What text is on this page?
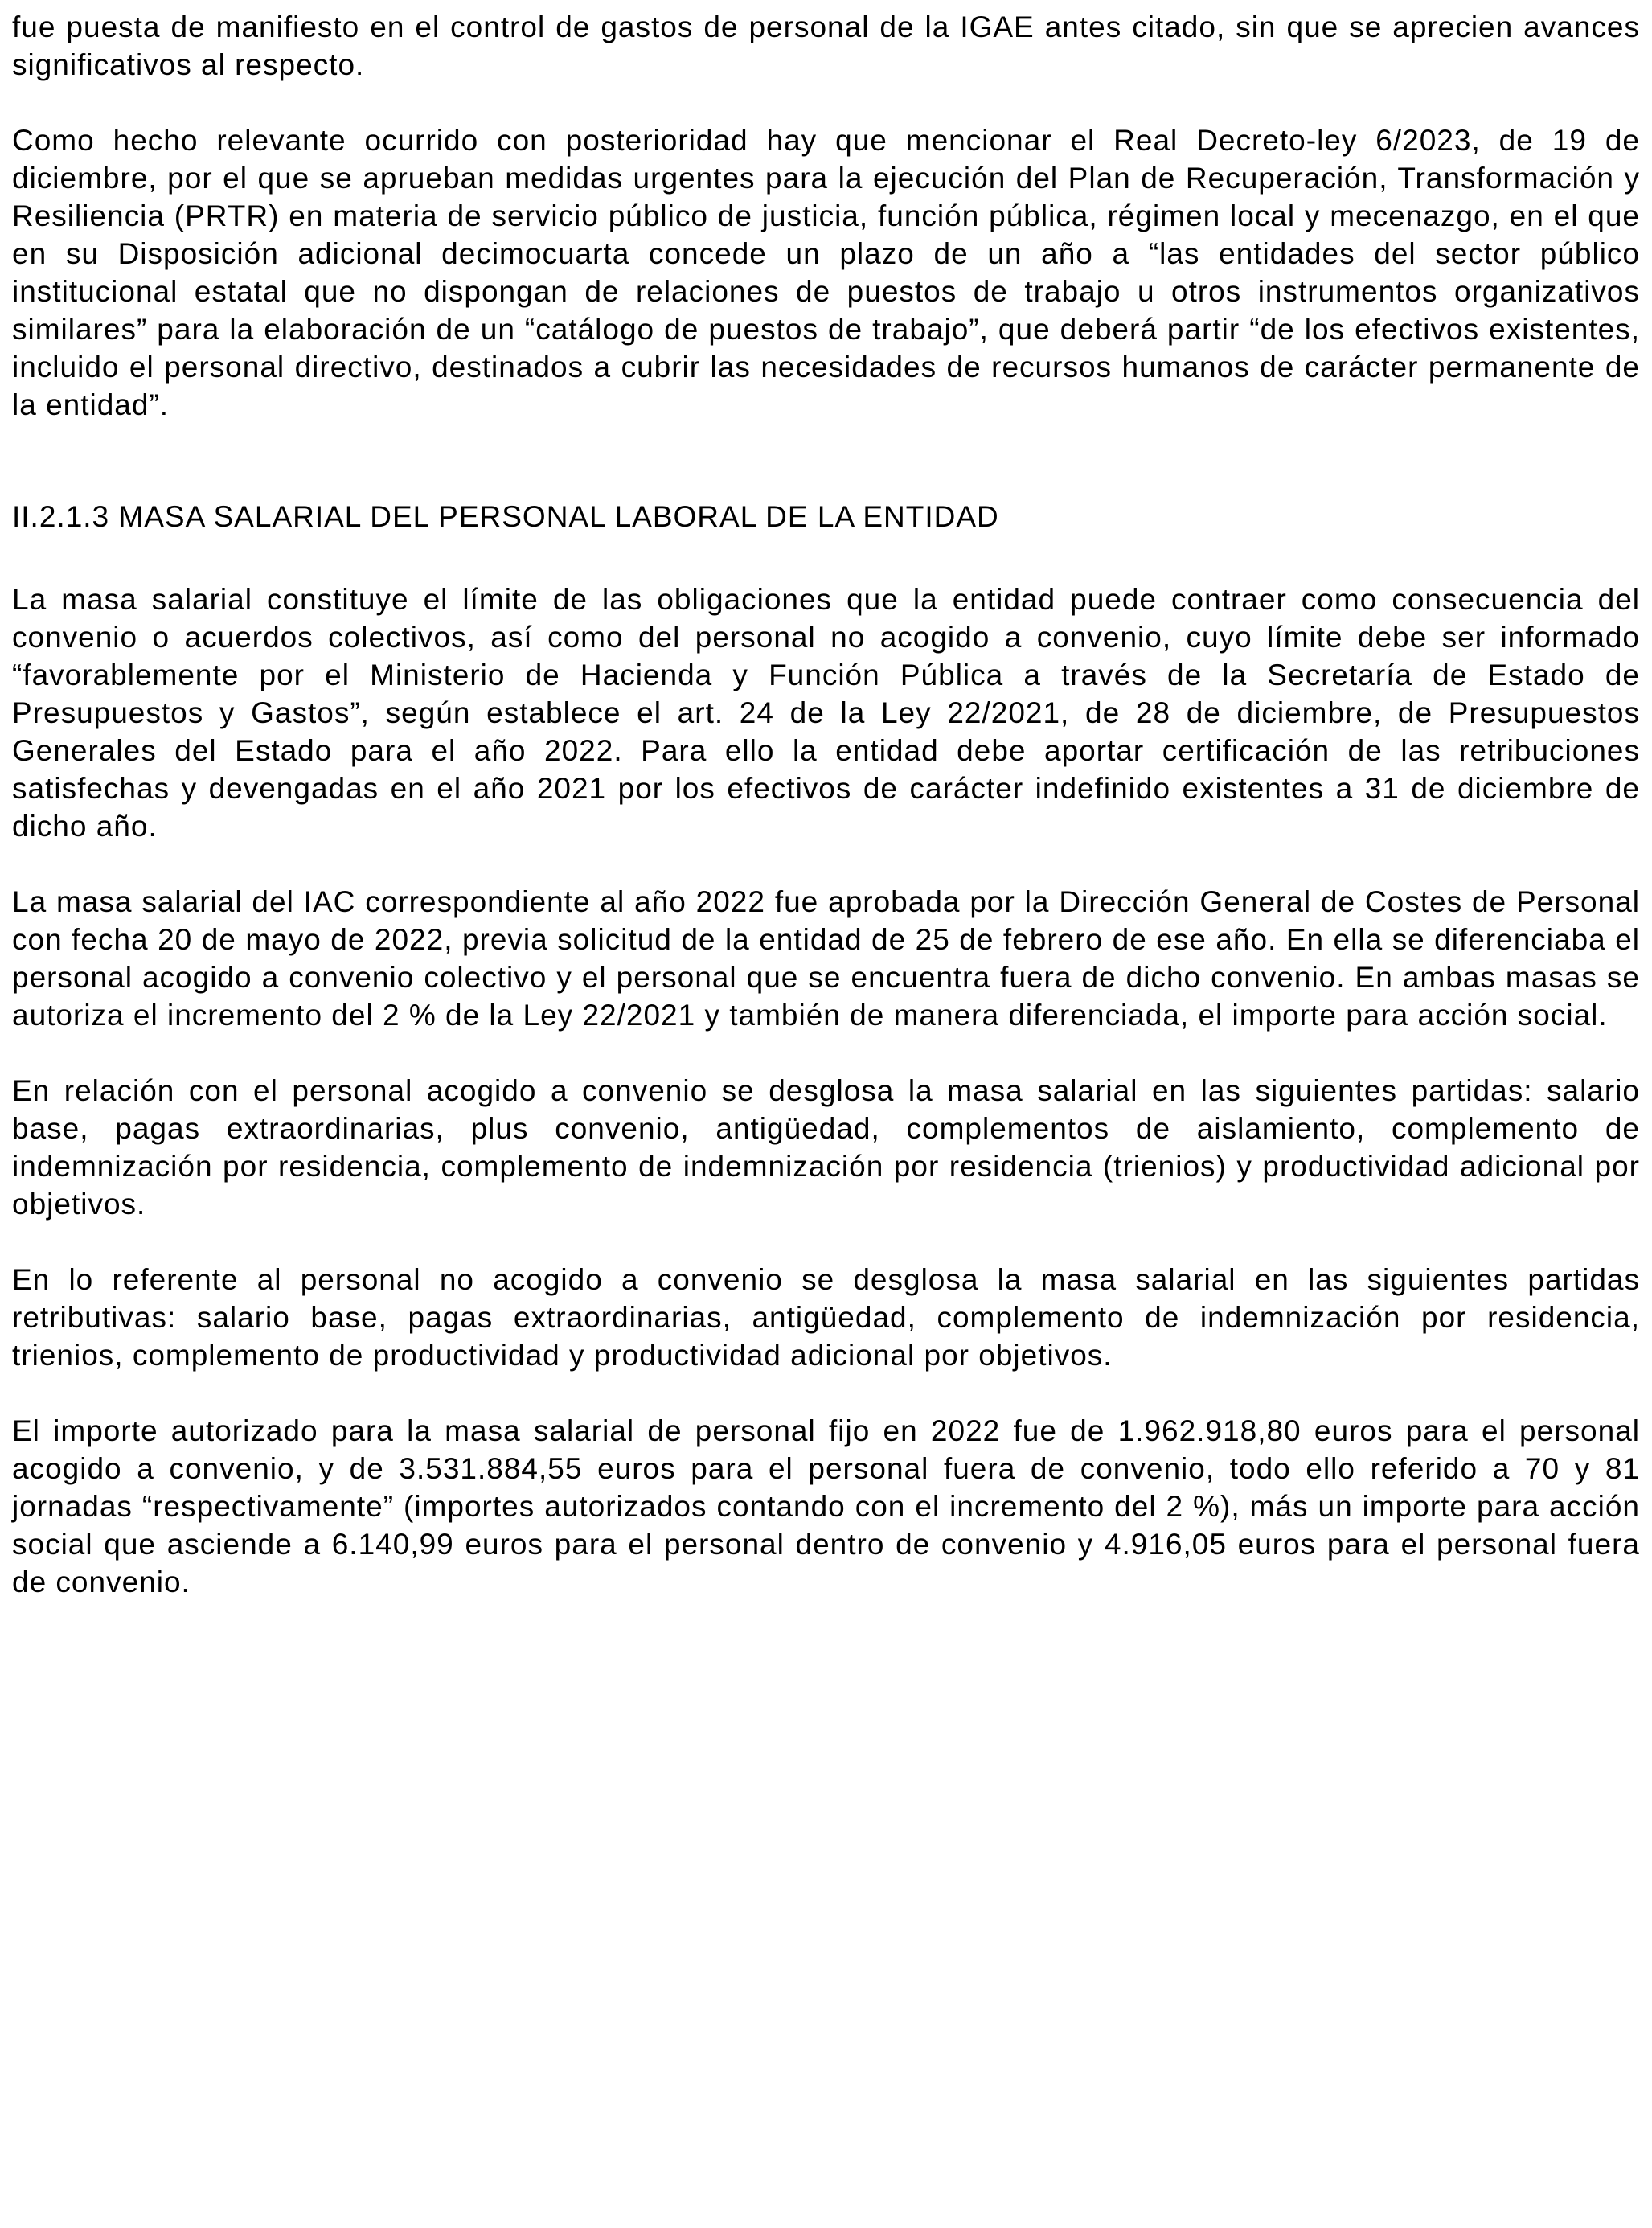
fue puesta de manifiesto en el control de gastos de personal de la IGAE antes citado, sin que se aprecien avances significativos al respecto.

Como hecho relevante ocurrido con posterioridad hay que mencionar el Real Decreto-ley 6/2023, de 19 de diciembre, por el que se aprueban medidas urgentes para la ejecución del Plan de Recuperación, Transformación y Resiliencia (PRTR) en materia de servicio público de justicia, función pública, régimen local y mecenazgo, en el que en su Disposición adicional decimocuarta concede un plazo de un año a “las entidades del sector público institucional estatal que no dispongan de relaciones de puestos de trabajo u otros instrumentos organizativos similares” para la elaboración de un “catálogo de puestos de trabajo”, que deberá partir “de los efectivos existentes, incluido el personal directivo, destinados a cubrir las necesidades de recursos humanos de carácter permanente de la entidad”.

II.2.1.3 MASA SALARIAL DEL PERSONAL LABORAL DE LA ENTIDAD

La masa salarial constituye el límite de las obligaciones que la entidad puede contraer como consecuencia del convenio o acuerdos colectivos, así como del personal no acogido a convenio, cuyo límite debe ser informado “favorablemente por el Ministerio de Hacienda y Función Pública a través de la Secretaría de Estado de Presupuestos y Gastos”, según establece el art. 24 de la Ley 22/2021, de 28 de diciembre, de Presupuestos Generales del Estado para el año 2022. Para ello la entidad debe aportar certificación de las retribuciones satisfechas y devengadas en el año 2021 por los efectivos de carácter indefinido existentes a 31 de diciembre de dicho año.

La masa salarial del IAC correspondiente al año 2022 fue aprobada por la Dirección General de Costes de Personal con fecha 20 de mayo de 2022, previa solicitud de la entidad de 25 de febrero de ese año. En ella se diferenciaba el personal acogido a convenio colectivo y el personal que se encuentra fuera de dicho convenio. En ambas masas se autoriza el incremento del 2 % de la Ley 22/2021 y también de manera diferenciada, el importe para acción social.

En relación con el personal acogido a convenio se desglosa la masa salarial en las siguientes partidas: salario base, pagas extraordinarias, plus convenio, antigüedad, complementos de aislamiento, complemento de indemnización por residencia, complemento de indemnización por residencia (trienios) y productividad adicional por objetivos.

En lo referente al personal no acogido a convenio se desglosa la masa salarial en las siguientes partidas retributivas: salario base, pagas extraordinarias, antigüedad, complemento de indemnización por residencia, trienios, complemento de productividad y productividad adicional por objetivos.

El importe autorizado para la masa salarial de personal fijo en 2022 fue de 1.962.918,80 euros para el personal acogido a convenio, y de 3.531.884,55 euros para el personal fuera de convenio, todo ello referido a 70 y 81 jornadas “respectivamente” (importes autorizados contando con el incremento del 2 %), más un importe para acción social que asciende a 6.140,99 euros para el personal dentro de convenio y 4.916,05 euros para el personal fuera de convenio.
